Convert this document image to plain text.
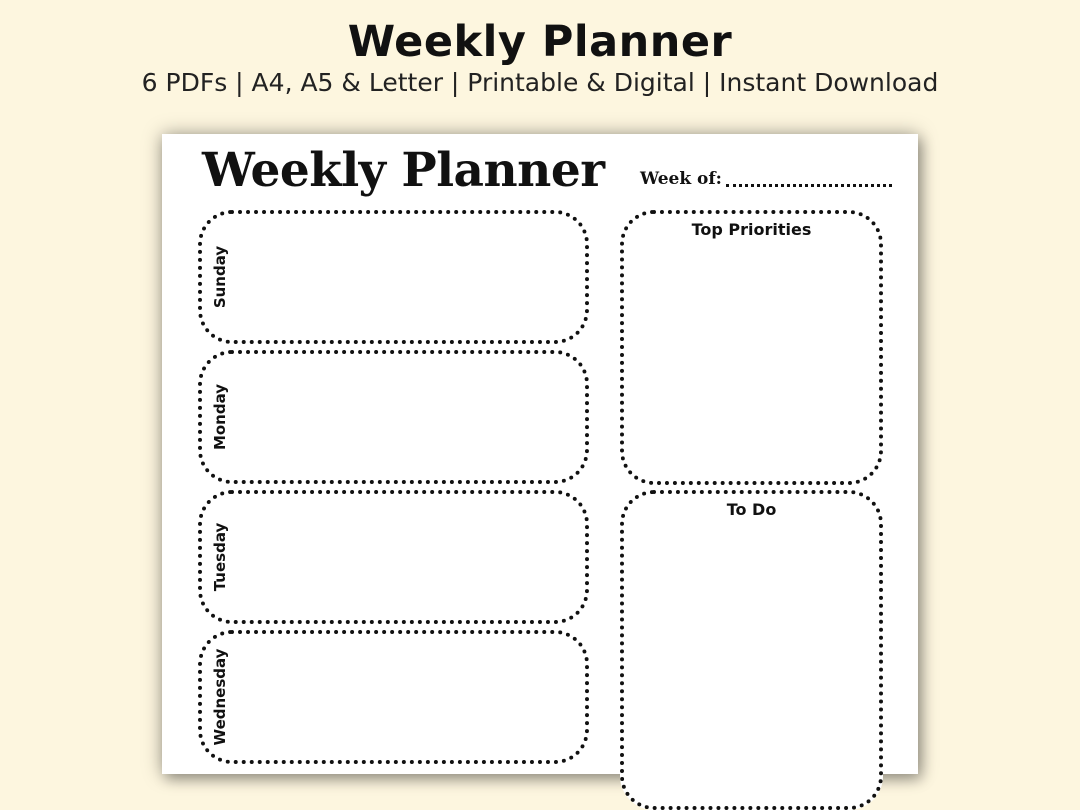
Weekly Planner
6 PDFs | A4, A5 & Letter | Printable & Digital | Instant Download
Weekly Planner Week of:
Sunday
Monday
Tuesday
Wednesday
Top Priorities
To Do
